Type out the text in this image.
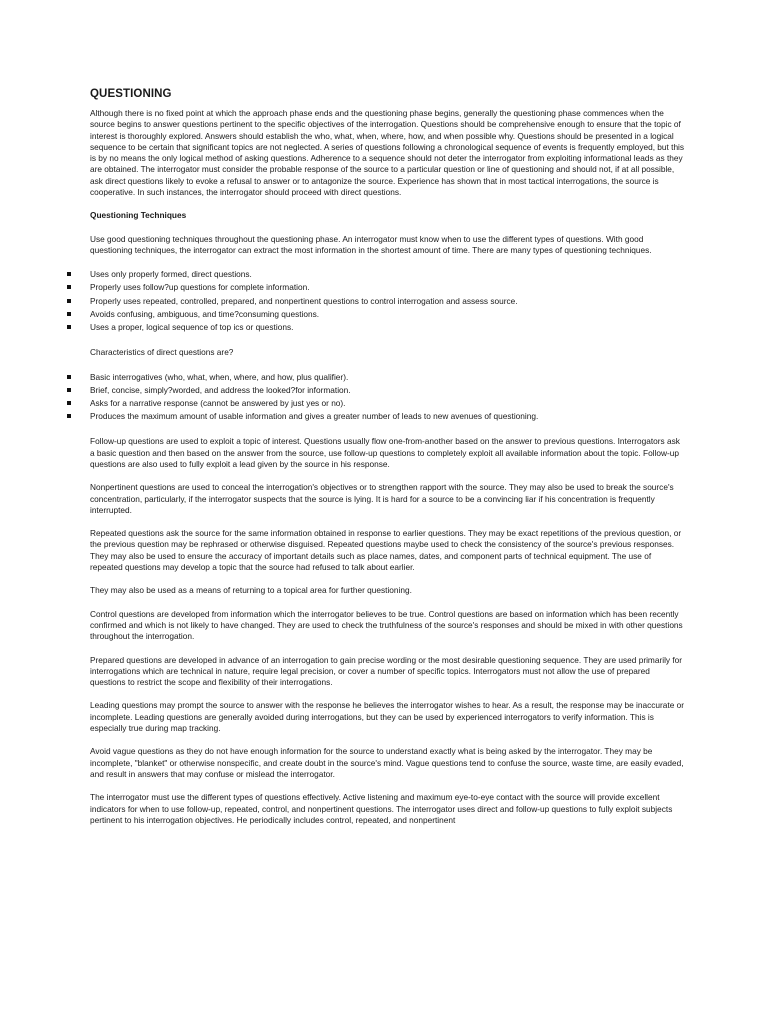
QUESTIONING

Although there is no fixed point at which the approach phase ends and the questioning phase begins, generally the questioning phase commences when the source begins to answer questions pertinent to the specific objectives of the interrogation. Questions should be comprehensive enough to ensure that the topic of interest is thoroughly explored. Answers should establish the who, what, when, where, how, and when possible why. Questions should be presented in a logical sequence to be certain that significant topics are not neglected. A series of questions following a chronological sequence of events is frequently employed, but this is by no means the only logical method of asking questions. Adherence to a sequence should not deter the interrogator from exploiting informational leads as they are obtained. The interrogator must consider the probable response of the source to a particular question or line of questioning and should not, if at all possible, ask direct questions likely to evoke a refusal to answer or to antagonize the source. Experience has shown that in most tactical interrogations, the source is cooperative. In such instances, the interrogator should proceed with direct questions.

Questioning Techniques

Use good questioning techniques throughout the questioning phase. An interrogator must know when to use the different types of questions. With good questioning techniques, the interrogator can extract the most information in the shortest amount of time. There are many types of questioning techniques.

Uses only properly formed, direct questions.
Properly uses follow?up questions for complete information.
Properly uses repeated, controlled, prepared, and nonpertinent questions to control interrogation and assess source.
Avoids confusing, ambiguous, and time?consuming questions.
Uses a proper, logical sequence of top ics or questions.

Characteristics of direct questions are?

Basic interrogatives (who, what, when, where, and how, plus qualifier).
Brief, concise, simply?worded, and address the looked?for information.
Asks for a narrative response (cannot be answered by just yes or no).
Produces the maximum amount of usable information and gives a greater number of leads to new avenues of questioning.

Follow-up questions are used to exploit a topic of interest. Questions usually flow one-from-another based on the answer to previous questions. Interrogators ask a basic question and then based on the answer from the source, use follow-up questions to completely exploit all available information about the topic. Follow-up questions are also used to fully exploit a lead given by the source in his response.

Nonpertinent questions are used to conceal the interrogation's objectives or to strengthen rapport with the source. They may also be used to break the source's concentration, particularly, if the interrogator suspects that the source is lying. It is hard for a source to be a convincing liar if his concentration is frequently interrupted.

Repeated questions ask the source for the same information obtained in response to earlier questions. They may be exact repetitions of the previous question, or the previous question may be rephrased or otherwise disguised. Repeated questions maybe used to check the consistency of the source's previous responses. They may also be used to ensure the accuracy of important details such as place names, dates, and component parts of technical equipment. The use of repeated questions may develop a topic that the source had refused to talk about earlier.

They may also be used as a means of returning to a topical area for further questioning.

Control questions are developed from information which the interrogator believes to be true. Control questions are based on information which has been recently confirmed and which is not likely to have changed. They are used to check the truthfulness of the source's responses and should be mixed in with other questions throughout the interrogation.

Prepared questions are developed in advance of an interrogation to gain precise wording or the most desirable questioning sequence. They are used primarily for interrogations which are technical in nature, require legal precision, or cover a number of specific topics. Interrogators must not allow the use of prepared questions to restrict the scope and flexibility of their interrogations.

Leading questions may prompt the source to answer with the response he believes the interrogator wishes to hear. As a result, the response may be inaccurate or incomplete. Leading questions are generally avoided during interrogations, but they can be used by experienced interrogators to verify information. This is especially true during map tracking.

Avoid vague questions as they do not have enough information for the source to understand exactly what is being asked by the interrogator. They may be incomplete, "blanket" or otherwise nonspecific, and create doubt in the source's mind. Vague questions tend to confuse the source, waste time, are easily evaded, and result in answers that may confuse or mislead the interrogator.

The interrogator must use the different types of questions effectively. Active listening and maximum eye-to-eye contact with the source will provide excellent indicators for when to use follow-up, repeated, control, and nonpertinent questions. The interrogator uses direct and follow-up questions to fully exploit subjects pertinent to his interrogation objectives. He periodically includes control, repeated, and nonpertinent
